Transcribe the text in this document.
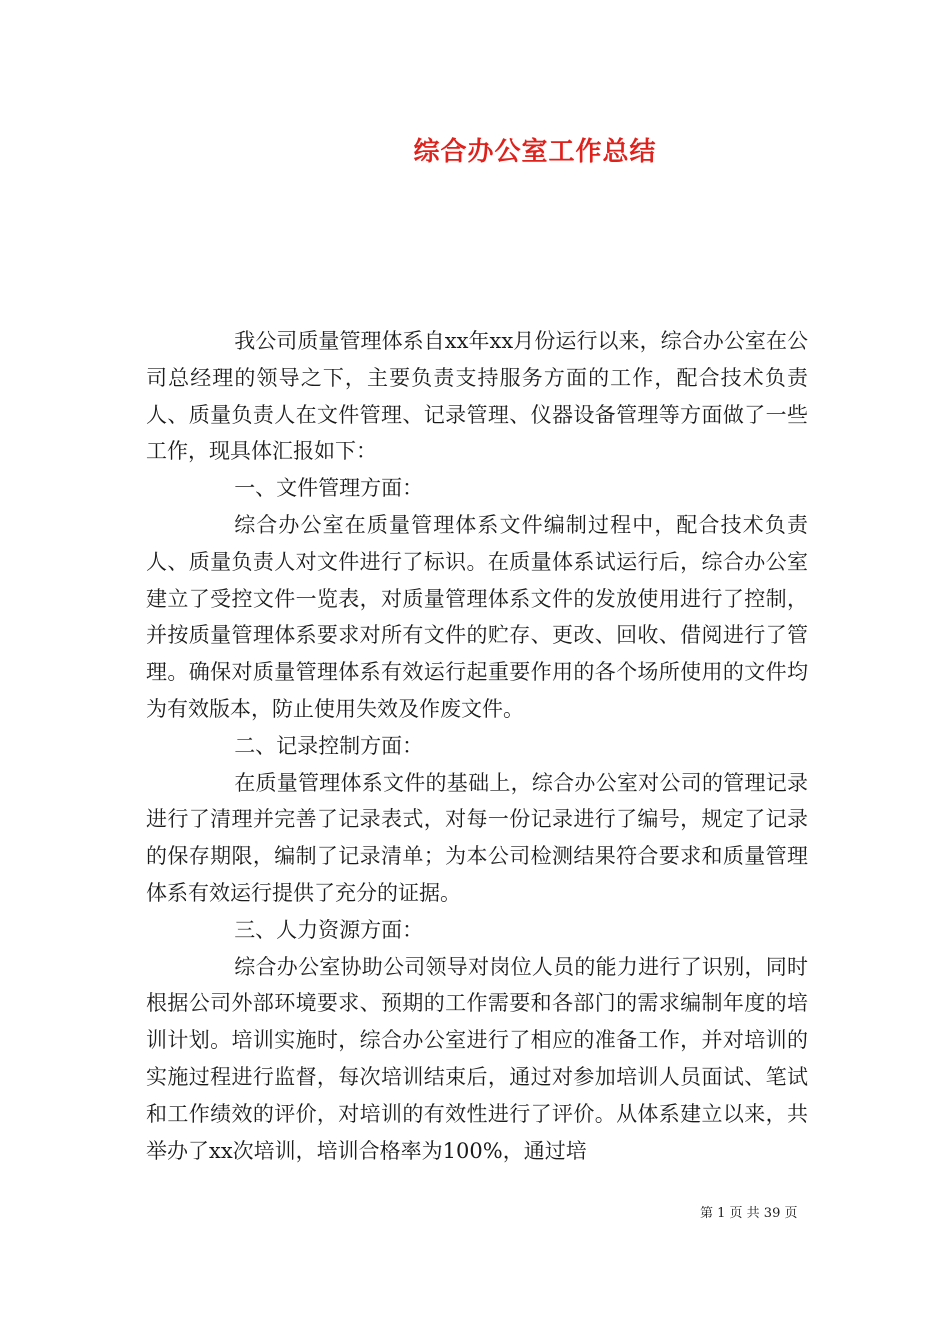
综合办公室工作总结

我公司质量管理体系自xx年xx月份运行以来，综合办公室在公司总经理的领导之下，主要负责支持服务方面的工作，配合技术负责人、质量负责人在文件管理、记录管理、仪器设备管理等方面做了一些工作，现具体汇报如下：

一、文件管理方面：

综合办公室在质量管理体系文件编制过程中，配合技术负责人、质量负责人对文件进行了标识。在质量体系试运行后，综合办公室建立了受控文件一览表，对质量管理体系文件的发放使用进行了控制，并按质量管理体系要求对所有文件的贮存、更改、回收、借阅进行了管理。确保对质量管理体系有效运行起重要作用的各个场所使用的文件均为有效版本，防止使用失效及作废文件。

二、记录控制方面：

在质量管理体系文件的基础上，综合办公室对公司的管理记录进行了清理并完善了记录表式，对每一份记录进行了编号，规定了记录的保存期限，编制了记录清单；为本公司检测结果符合要求和质量管理体系有效运行提供了充分的证据。

三、人力资源方面：

综合办公室协助公司领导对岗位人员的能力进行了识别，同时根据公司外部环境要求、预期的工作需要和各部门的需求编制年度的培训计划。培训实施时，综合办公室进行了相应的准备工作，并对培训的实施过程进行监督，每次培训结束后，通过对参加培训人员面试、笔试和工作绩效的评价，对培训的有效性进行了评价。从体系建立以来，共举办了xx次培训，培训合格率为100%，通过培

第 1 页 共 39 页
